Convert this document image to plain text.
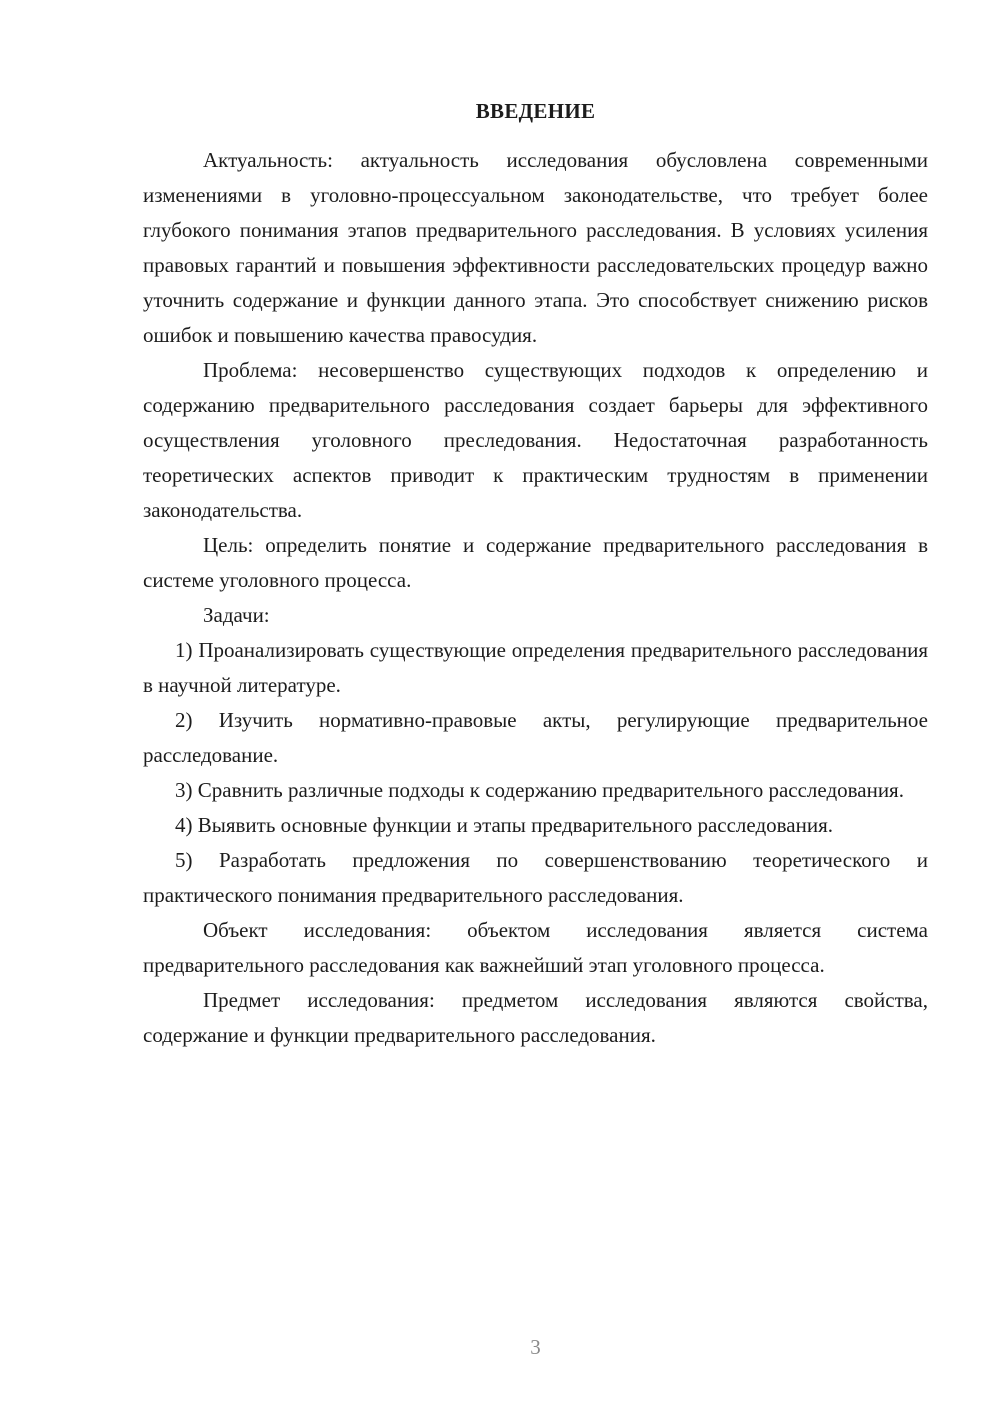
ВВЕДЕНИЕ

Актуальность: актуальность исследования обусловлена современными изменениями в уголовно-процессуальном законодательстве, что требует более глубокого понимания этапов предварительного расследования. В условиях усиления правовых гарантий и повышения эффективности расследовательских процедур важно уточнить содержание и функции данного этапа. Это способствует снижению рисков ошибок и повышению качества правосудия.

Проблема: несовершенство существующих подходов к определению и содержанию предварительного расследования создает барьеры для эффективного осуществления уголовного преследования. Недостаточная разработанность теоретических аспектов приводит к практическим трудностям в применении законодательства.

Цель: определить понятие и содержание предварительного расследования в системе уголовного процесса.

Задачи:

1) Проанализировать существующие определения предварительного расследования в научной литературе.

2) Изучить нормативно-правовые акты, регулирующие предварительное расследование.

3) Сравнить различные подходы к содержанию предварительного расследования.

4) Выявить основные функции и этапы предварительного расследования.

5) Разработать предложения по совершенствованию теоретического и практического понимания предварительного расследования.

Объект исследования: объектом исследования является система предварительного расследования как важнейший этап уголовного процесса.

Предмет исследования: предметом исследования являются свойства, содержание и функции предварительного расследования.

3
